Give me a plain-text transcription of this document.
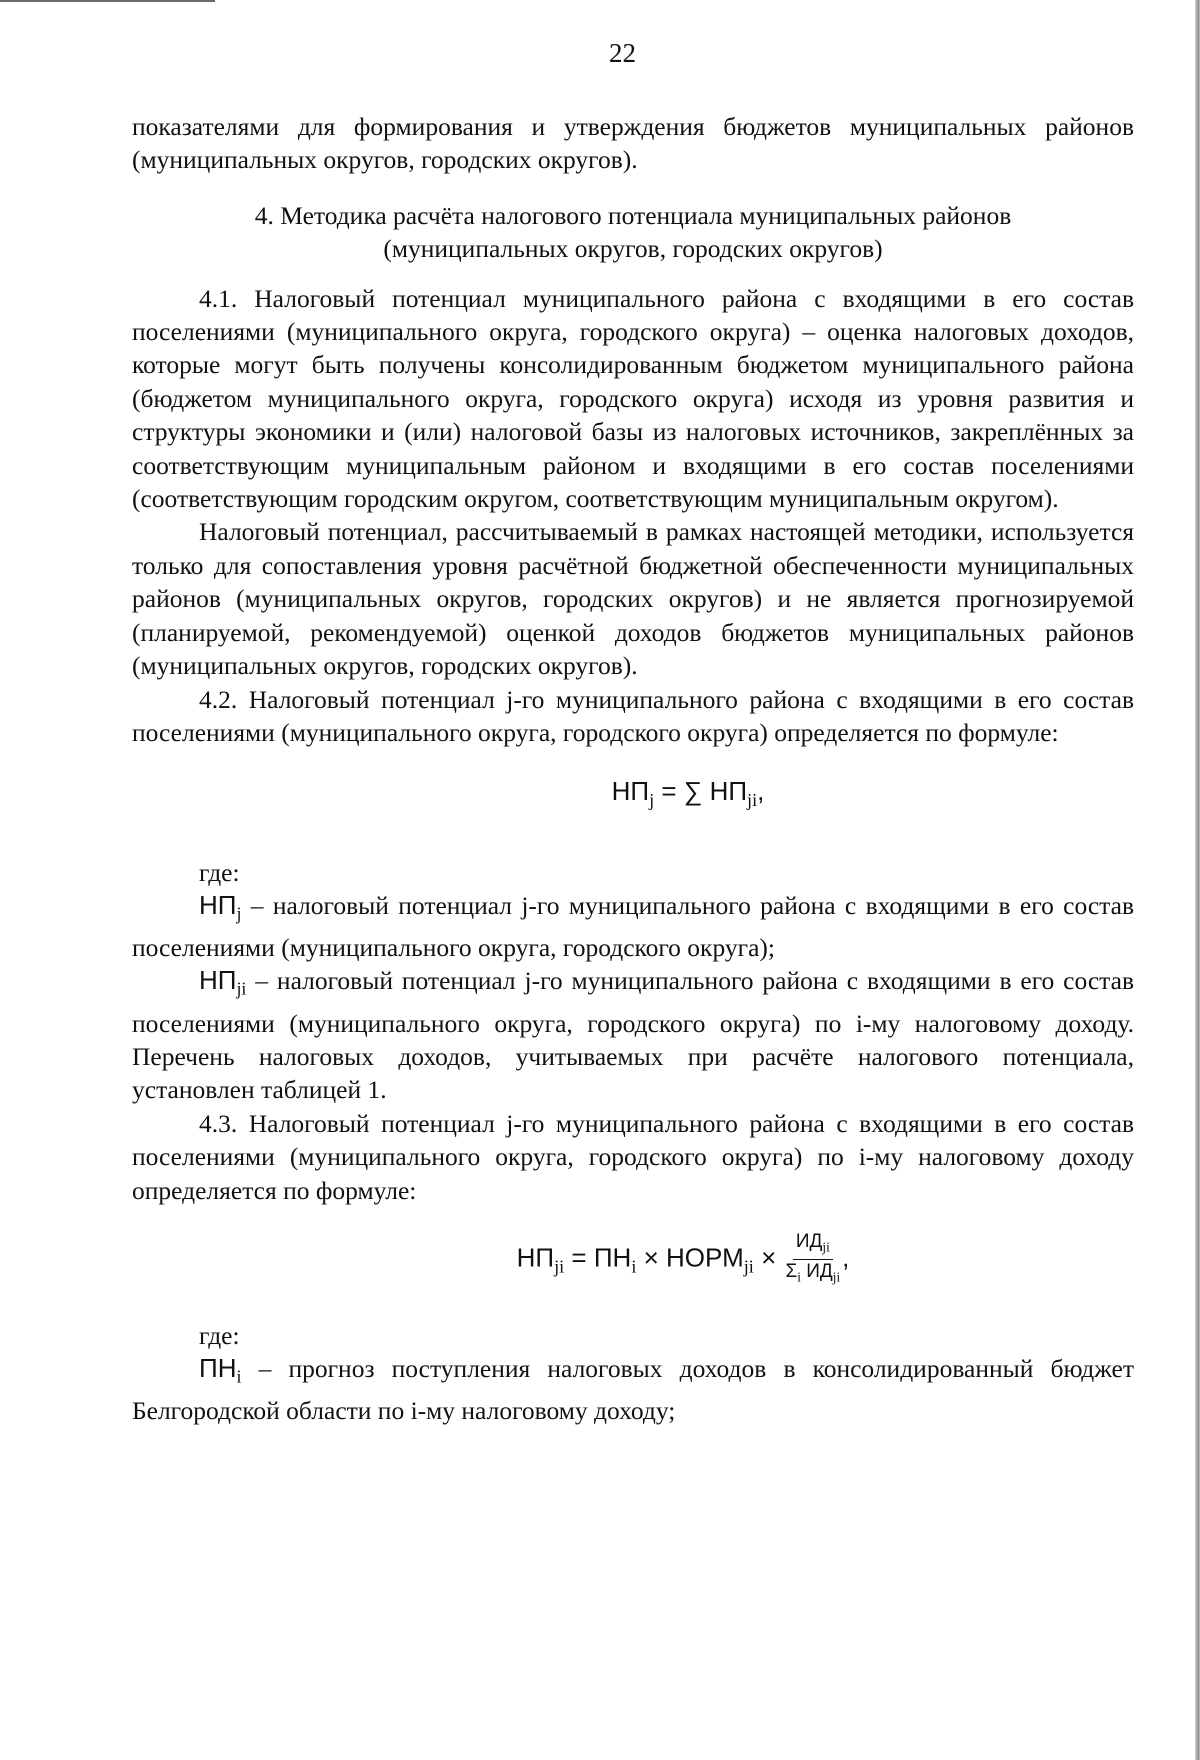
22

показателями для формирования и утверждения бюджетов муниципальных районов (муниципальных округов, городских округов).

4. Методика расчёта налогового потенциала муниципальных районов
(муниципальных округов, городских округов)

4.1. Налоговый потенциал муниципального района с входящими в его состав поселениями (муниципального округа, городского округа) – оценка налоговых доходов, которые могут быть получены консолидированным бюджетом муниципального района (бюджетом муниципального округа, городского округа) исходя из уровня развития и структуры экономики и (или) налоговой базы из налоговых источников, закреплённых за соответствующим муниципальным районом и входящими в его состав поселениями (соответствующим городским округом, соответствующим муниципальным округом).

Налоговый потенциал, рассчитываемый в рамках настоящей методики, используется только для сопоставления уровня расчётной бюджетной обеспеченности муниципальных районов (муниципальных округов, городских округов) и не является прогнозируемой (планируемой, рекомендуемой) оценкой доходов бюджетов муниципальных районов (муниципальных округов, городских округов).

4.2. Налоговый потенциал j-го муниципального района с входящими в его состав поселениями (муниципального округа, городского округа) определяется по формуле:

$НП_j$ = ∑ $НП_{ji}$,

где:

$НП_j$ – налоговый потенциал j-го муниципального района с входящими в его состав поселениями (муниципального округа, городского округа);

$НП_{ji}$ – налоговый потенциал j-го муниципального района с входящими в его состав поселениями (муниципального округа, городского округа) по i-му налоговому доходу. Перечень налоговых доходов, учитываемых при расчёте налогового потенциала, установлен таблицей 1.

4.3. Налоговый потенциал j-го муниципального района с входящими в его состав поселениями (муниципального округа, городского округа) по i-му налоговому доходу определяется по формуле:

$НП_{ji} = ПН_i$ × $НОРМ_{ji} \times \frac{ИД_{ji}}{\Sigma_i ИД_{ji}}$ ,

где:

$ПН_i$ – прогноз поступления налоговых доходов в консолидированный бюджет Белгородской области по i-му налоговому доходу;
